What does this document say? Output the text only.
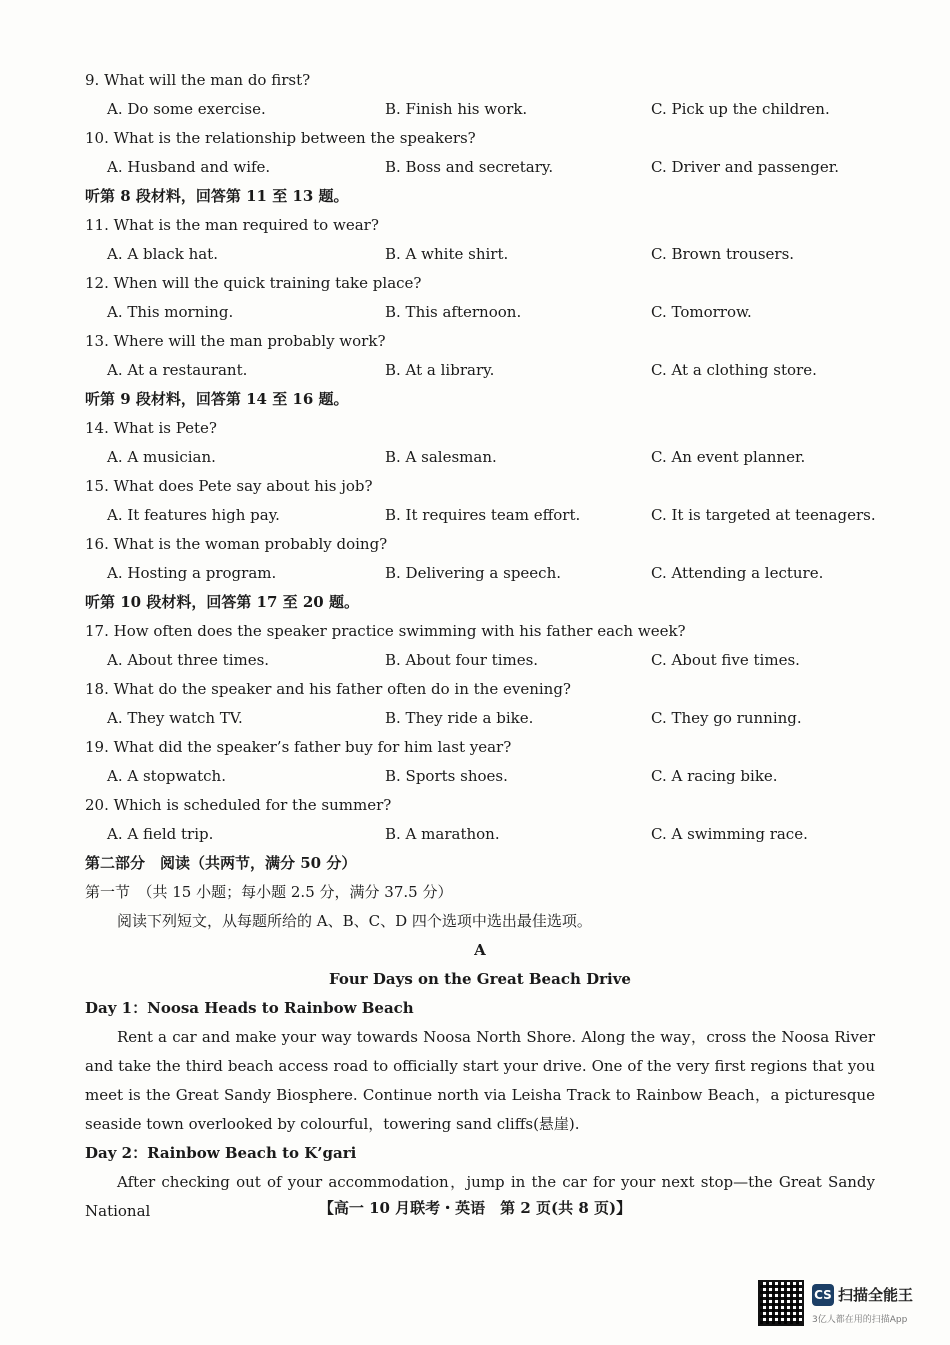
9. What will the man do first?
A. Do some exercise.	B. Finish his work.	C. Pick up the children.
10. What is the relationship between the speakers?
A. Husband and wife.	B. Boss and secretary.	C. Driver and passenger.
听第 8 段材料，回答第 11 至 13 题。
11. What is the man required to wear?
A. A black hat.	B. A white shirt.	C. Brown trousers.
12. When will the quick training take place?
A. This morning.	B. This afternoon.	C. Tomorrow.
13. Where will the man probably work?
A. At a restaurant.	B. At a library.	C. At a clothing store.
听第 9 段材料，回答第 14 至 16 题。
14. What is Pete?
A. A musician.	B. A salesman.	C. An event planner.
15. What does Pete say about his job?
A. It features high pay.	B. It requires team effort.	C. It is targeted at teenagers.
16. What is the woman probably doing?
A. Hosting a program.	B. Delivering a speech.	C. Attending a lecture.
听第 10 段材料，回答第 17 至 20 题。
17. How often does the speaker practice swimming with his father each week?
A. About three times.	B. About four times.	C. About five times.
18. What do the speaker and his father often do in the evening?
A. They watch TV.	B. They ride a bike.	C. They go running.
19. What did the speaker’s father buy for him last year?
A. A stopwatch.	B. Sports shoes.	C. A racing bike.
20. Which is scheduled for the summer?
A. A field trip.	B. A marathon.	C. A swimming race.
第二部分　阅读（共两节，满分 50 分）
第一节　（共 15 小题；每小题 2.5 分，满分 37.5 分）
阅读下列短文，从每题所给的 A、B、C、D 四个选项中选出最佳选项。
A
Four Days on the Great Beach Drive
Day 1：Noosa Heads to Rainbow Beach
Rent a car and make your way towards Noosa North Shore. Along the way，cross the Noosa River and take the third beach access road to officially start your drive. One of the very first regions that you meet is the Great Sandy Biosphere. Continue north via Leisha Track to Rainbow Beach，a picturesque seaside town overlooked by colourful，towering sand cliffs(悬崖).
Day 2：Rainbow Beach to K’gari
After checking out of your accommodation，jump in the car for your next stop—the Great Sandy National	【高一 10 月联考・英语　第 2 页(共 8 页)】
CS 扫描全能王
3亿人都在用的扫描App
